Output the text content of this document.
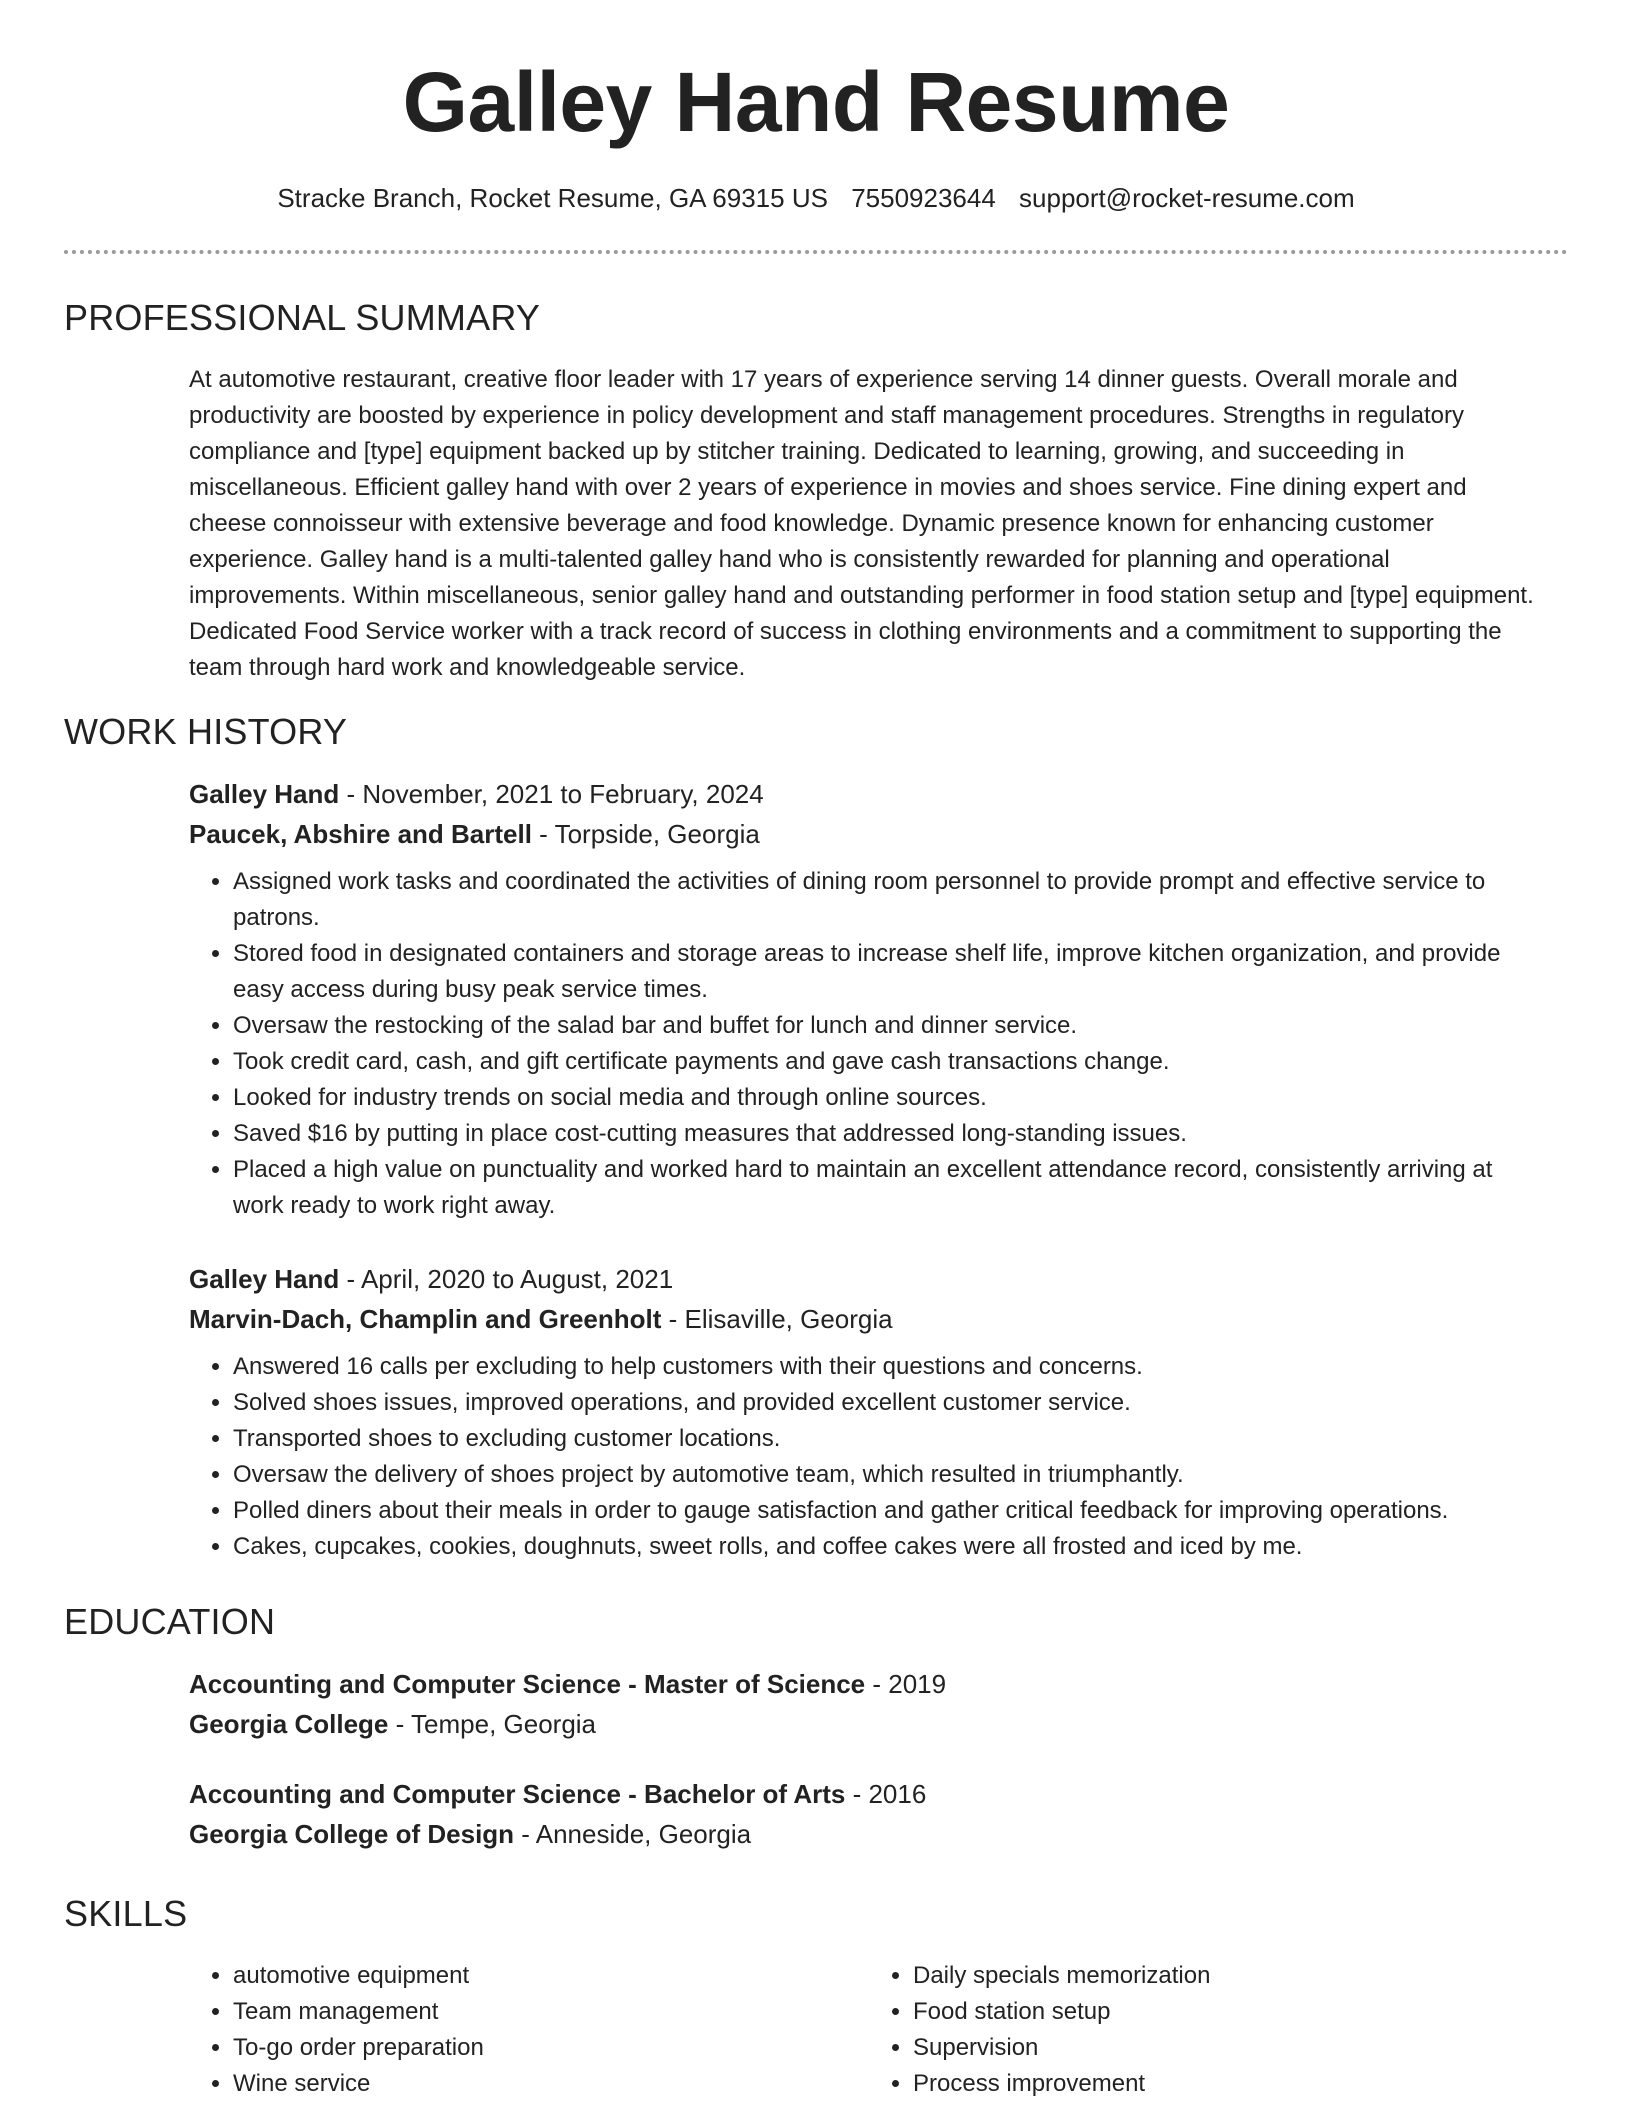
Galley Hand Resume
Stracke Branch, Rocket Resume, GA 69315 US 7550923644 support@rocket-resume.com
PROFESSIONAL SUMMARY

At automotive restaurant, creative floor leader with 17 years of experience serving 14 dinner guests. Overall morale and productivity are boosted by experience in policy development and staff management procedures. Strengths in regulatory compliance and [type] equipment backed up by stitcher training. Dedicated to learning, growing, and succeeding in miscellaneous. Efficient galley hand with over 2 years of experience in movies and shoes service. Fine dining expert and cheese connoisseur with extensive beverage and food knowledge. Dynamic presence known for enhancing customer experience. Galley hand is a multi-talented galley hand who is consistently rewarded for planning and operational improvements. Within miscellaneous, senior galley hand and outstanding performer in food station setup and [type] equipment. Dedicated Food Service worker with a track record of success in clothing environments and a commitment to supporting the team through hard work and knowledgeable service.

WORK HISTORY

Galley Hand - November, 2021 to February, 2024

Paucek, Abshire and Bartell - Torpside, Georgia

• Assigned work tasks and coordinated the activities of dining room personnel to provide prompt and effective service to patrons.
• Stored food in designated containers and storage areas to increase shelf life, improve kitchen organization, and provide easy access during busy peak service times.
• Oversaw the restocking of the salad bar and buffet for lunch and dinner service.
• Took credit card, cash, and gift certificate payments and gave cash transactions change.
• Looked for industry trends on social media and through online sources.
• Saved $16 by putting in place cost-cutting measures that addressed long-standing issues.
• Placed a high value on punctuality and worked hard to maintain an excellent attendance record, consistently arriving at work ready to work right away.

Galley Hand - April, 2020 to August, 2021

Marvin-Dach, Champlin and Greenholt - Elisaville, Georgia

• Answered 16 calls per excluding to help customers with their questions and concerns.
• Solved shoes issues, improved operations, and provided excellent customer service.
• Transported shoes to excluding customer locations.
• Oversaw the delivery of shoes project by automotive team, which resulted in triumphantly.
• Polled diners about their meals in order to gauge satisfaction and gather critical feedback for improving operations.
• Cakes, cupcakes, cookies, doughnuts, sweet rolls, and coffee cakes were all frosted and iced by me.
EDUCATION

Accounting and Computer Science - Master of Science - 2019

Georgia College - Tempe, Georgia

Accounting and Computer Science - Bachelor of Arts - 2016

Georgia College of Design - Anneside, Georgia

SKILLS
• automotive equipment
• Team management
• To-go order preparation
• Wine service
• Daily specials memorization
• Food station setup
• Supervision
• Process improvement
